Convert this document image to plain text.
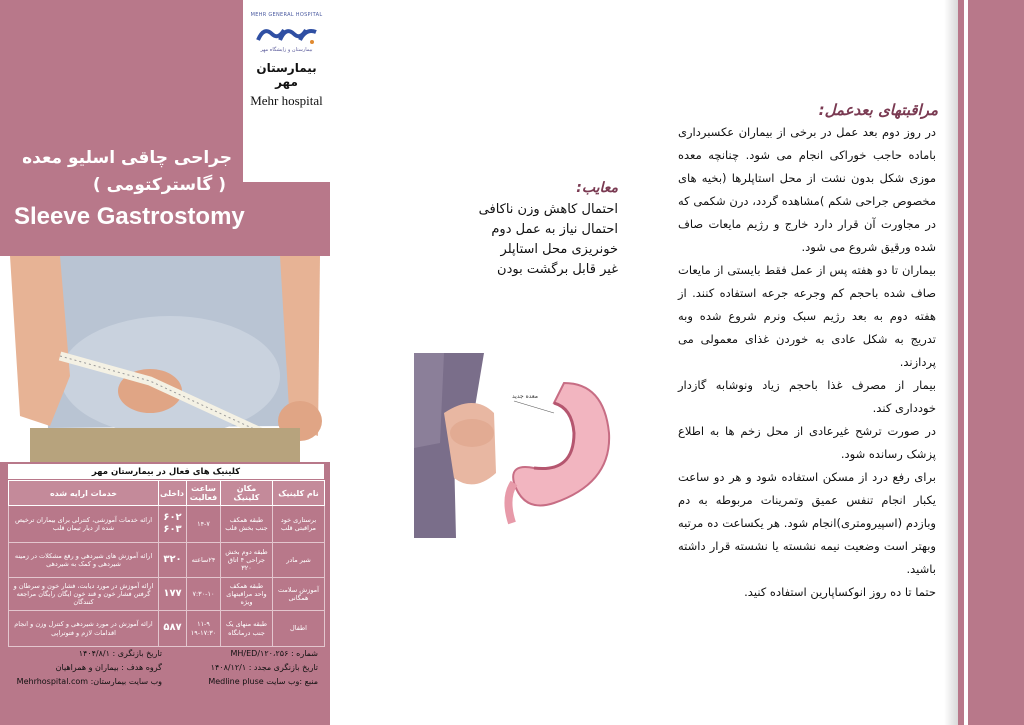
MEHR GENERAL HOSPITAL
بیمارستان و زایشگاه مهر
بیمارستان مهر
Mehr hospital
جراحی چاقی اسلیو معده
( گاسترکتومی )
Sleeve Gastrostomy
کلینیک های فعال در بیمارستان مهر
نام کلینیک	مکان کلینیک	ساعت فعالیت	داخلی	خدمات ارایه شده
برستاری خود مراقبتی قلب	طبقه همکف جنب بخش قلب	۱۴-۷	۶۰۲ ۶۰۳	ارائه خدمات آموزشی، کنترلی برای بیماران ترخیص شده از دیار تیمان قلب
شیر مادر	طبقه دوم بخش جراحی ۴ اتاق ۳۲۰	۲۴ساعته	۳۲۰	ارائه آموزش های شیردهی و رفع مشکلات در زمینه شیردهی و کمک به شیردهی
آموزش سلامت همگانی	طبقه همکف واحد مراقبتهای ویژه	۷:۳۰-۱۰	۱۷۷	ارائه آموزش در مورد دیابت، فشار خون و سرطان و گرفتن فشار خون و قند خون ایگان رایگان مراجعه کنندگان
اطفال	طبقه منهای یک جنب درمانگاه	۱۱-۹ ۱۹-۱۷:۳۰	۵۸۷	ارائه آموزش در مورد شیردهی و کنترل وزن و انجام اقدامات لازم و فتوتراپی
شماره : MH/ED/۱۲۰،۲۵۶
تاریخ بازنگری مجدد : ۱۴۰۸/۱۲/۱
منبع :وب سایت Medline pluse
تاریخ بازنگری : ۱۴۰۴/۸/۱
گروه هدف : بیماران و همراهیان
وب سایت بیمارستان: Mehrhospital.com
معایب:
احتمال کاهش وزن ناکافی
احتمال نیاز به عمل دوم
خونریزی محل استاپلر
غیر قابل برگشت بودن
معده جدید
مراقبتهای بعدعمل:

در روز دوم بعد عمل در برخی از بیماران عکسبرداری باماده حاجب خوراکی انجام می شود. چنانچه معده موزی شکل بدون نشت از محل استاپلرها (بخیه های مخصوص جراحی شکم )مشاهده گردد، درن شکمی که در مجاورت آن قرار دارد خارج و رژیم مایعات صاف شده ورقیق شروع می شود.

بیماران تا دو هفته پس از عمل فقط بایستی از مایعات صاف شده باحجم کم وجرعه جرعه استفاده کنند. از هفته دوم به بعد رژیم سبک ونرم شروع شده وبه تدریج به شکل عادی به خوردن غذای معمولی می پردازند.

بیمار از مصرف غذا باحجم زیاد ونوشابه گازدار خودداری کند.

در صورت ترشح غیرعادی از محل زخم ها به اطلاع پزشک رسانده شود.

برای رفع درد از مسکن استفاده شود و هر دو ساعت یکبار انجام تنفس عمیق وتمرینات مربوطه به دم وبازدم (اسپیرومتری)انجام شود. هر یکساعت ده مرتبه وبهتر است وضعیت نیمه نشسته یا نشسته قرار داشته باشید.

حتما تا ده روز انوکساپارین استفاده کنید.
